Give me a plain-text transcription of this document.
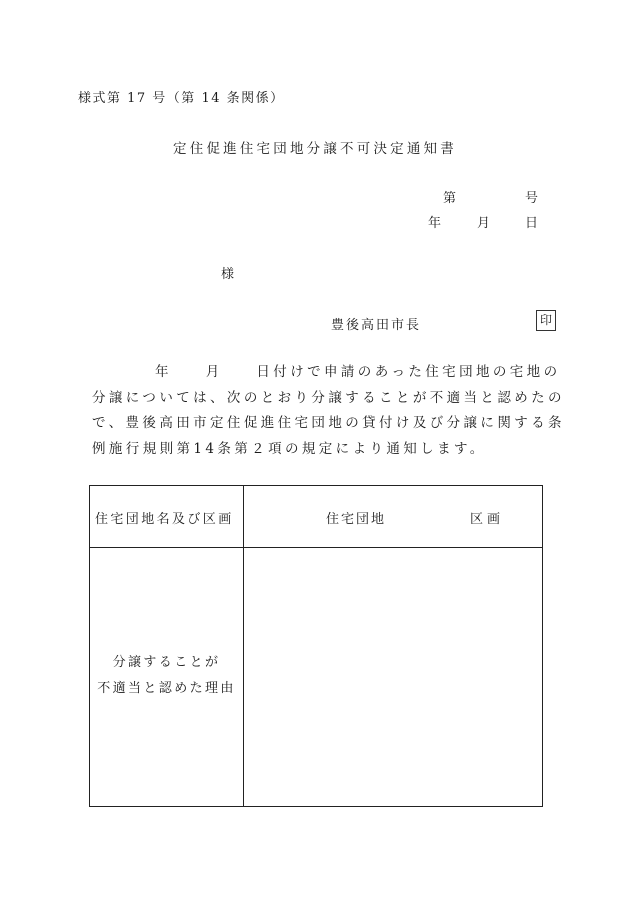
様式第 17 号（第 14 条関係）
定住促進住宅団地分譲不可決定通知書
第	号
年	月	日
様
豊後高田市長	印
年　　月　　日付けで申請のあった住宅団地の宅地の
分譲については、次のとおり分譲することが不適当と認めたの
で、豊後高田市定住促進住宅団地の貸付け及び分譲に関する条
例施行規則第14条第２項の規定により通知します。
住宅団地名及び区画	住宅団地	区画
分譲することが
不適当と認めた理由
